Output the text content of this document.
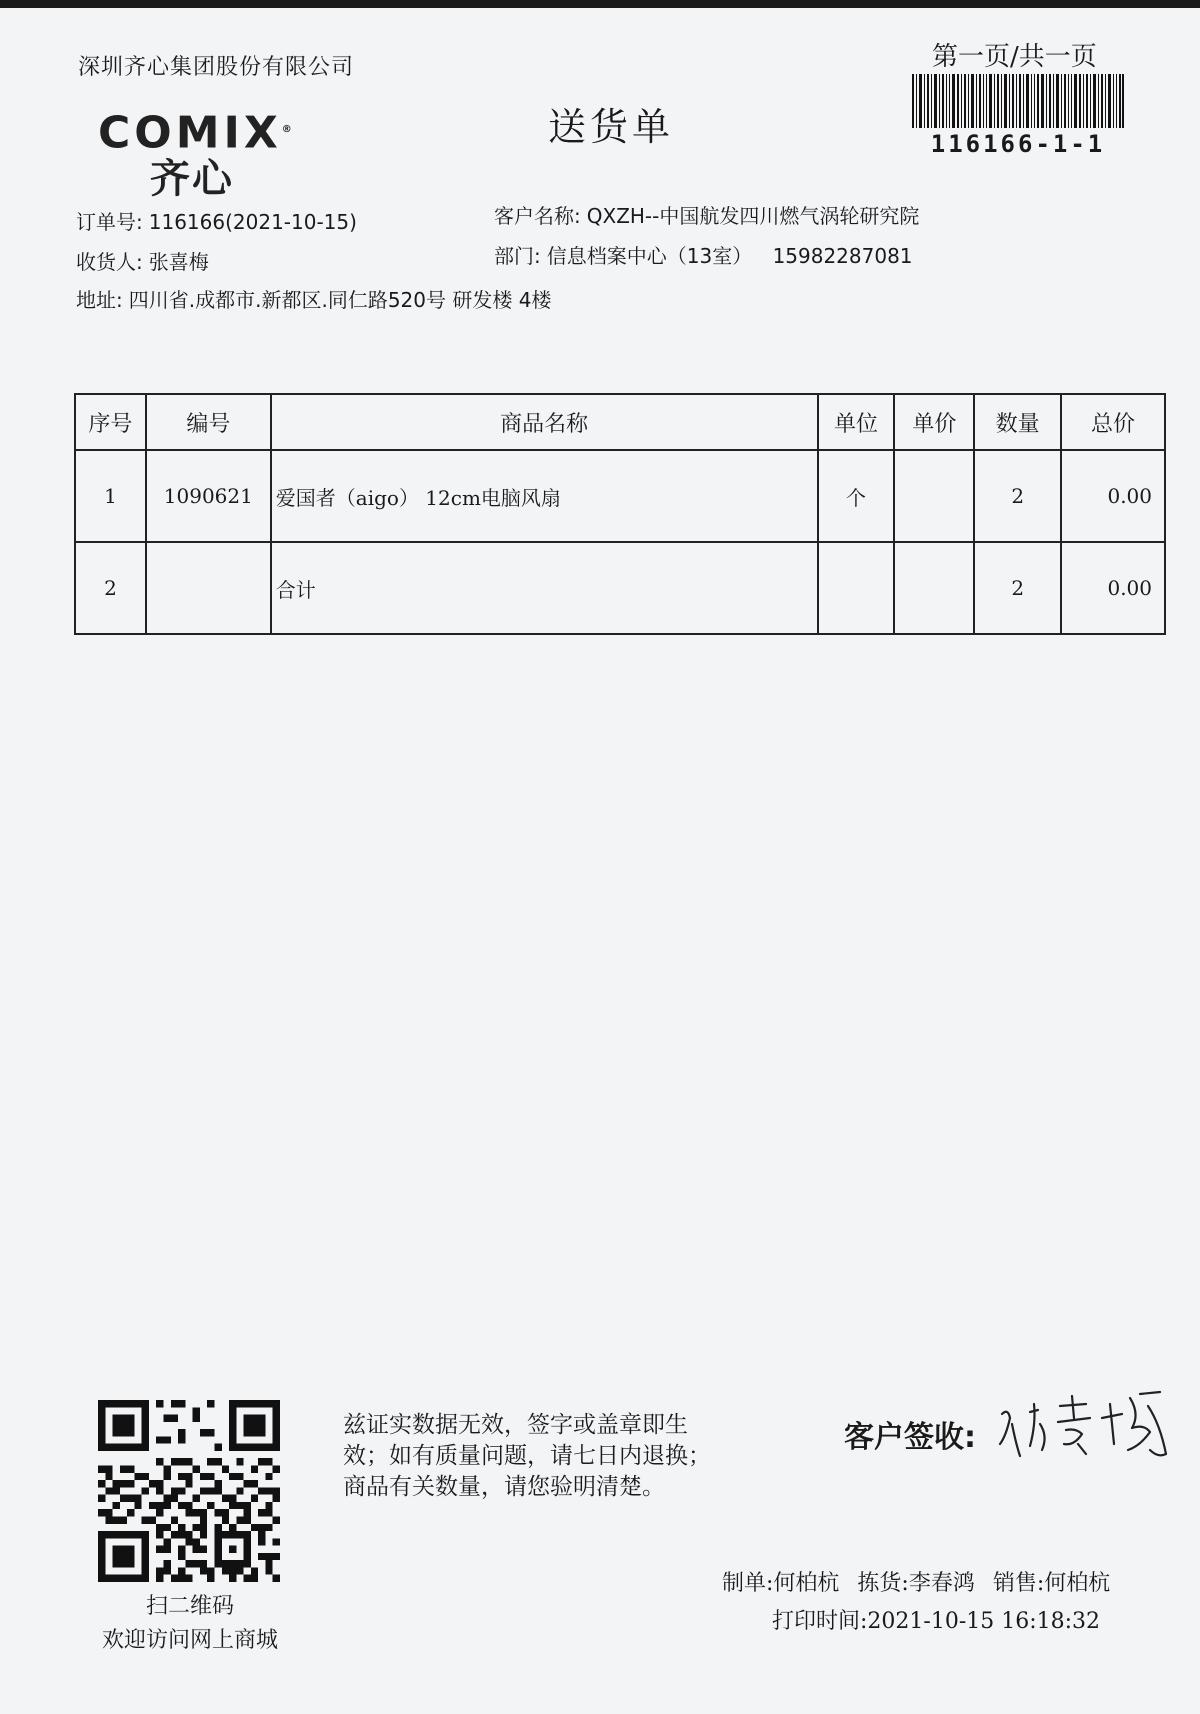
深圳齐心集团股份有限公司
COMIX®
齐心
送货单
第一页/共一页
116166-1-1
订单号: 116166(2021-10-15)	客户名称: QXZH--中国航发四川燃气涡轮研究院
收货人: 张喜梅	部门: 信息档案中心（13室） 15982287081
地址: 四川省.成都市.新都区.同仁路520号 研发楼 4楼
序号	编号	商品名称	单位	单价	数量	总价
1	1090621	爱国者（aigo） 12cm电脑风扇	个		2	0.00
2		合计			2	0.00
扫二维码
欢迎访问网上商城
兹证实数据无效，签字或盖章即生
效；如有质量问题，请七日内退换；
商品有关数量，请您验明清楚。
客户签收:
制单:何柏杭 拣货:李春鸿 销售:何柏杭
打印时间:2021-10-15 16:18:32
